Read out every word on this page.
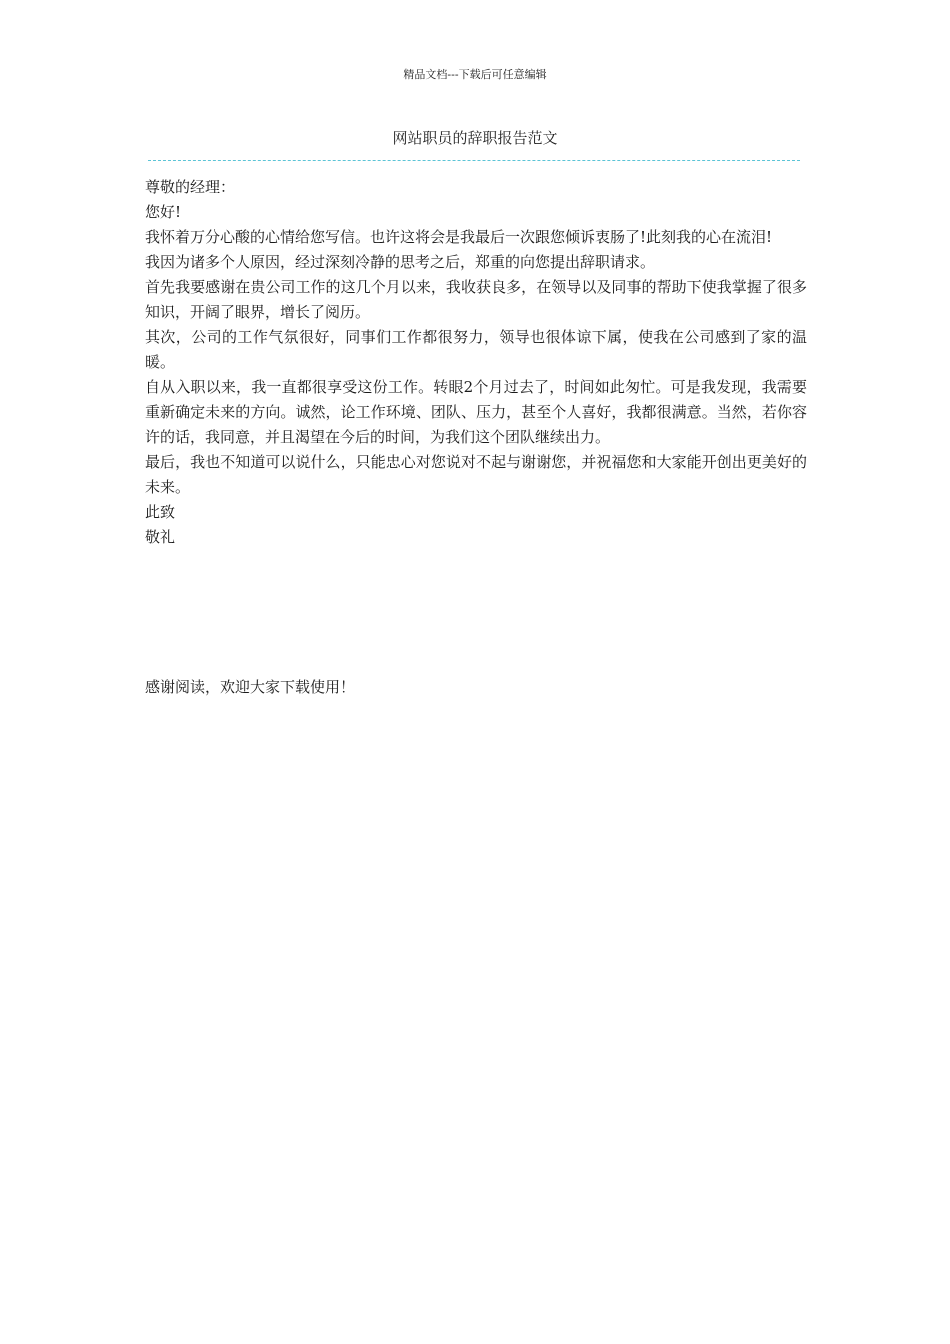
精品文档---下载后可任意编辑
网站职员的辞职报告范文

尊敬的经理：

您好!

我怀着万分心酸的心情给您写信。也许这将会是我最后一次跟您倾诉衷肠了!此刻我的心在流泪!

我因为诸多个人原因，经过深刻冷静的思考之后，郑重的向您提出辞职请求。

首先我要感谢在贵公司工作的这几个月以来，我收获良多，在领导以及同事的帮助下使我掌握了很多知识，开阔了眼界，增长了阅历。

其次，公司的工作气氛很好，同事们工作都很努力，领导也很体谅下属，使我在公司感到了家的温暖。

自从入职以来，我一直都很享受这份工作。转眼2个月过去了，时间如此匆忙。可是我发现，我需要重新确定未来的方向。诚然，论工作环境、团队、压力，甚至个人喜好，我都很满意。当然，若你容许的话，我同意，并且渴望在今后的时间，为我们这个团队继续出力。

最后，我也不知道可以说什么，只能忠心对您说对不起与谢谢您，并祝福您和大家能开创出更美好的未来。

此致

敬礼

感谢阅读，欢迎大家下载使用！
